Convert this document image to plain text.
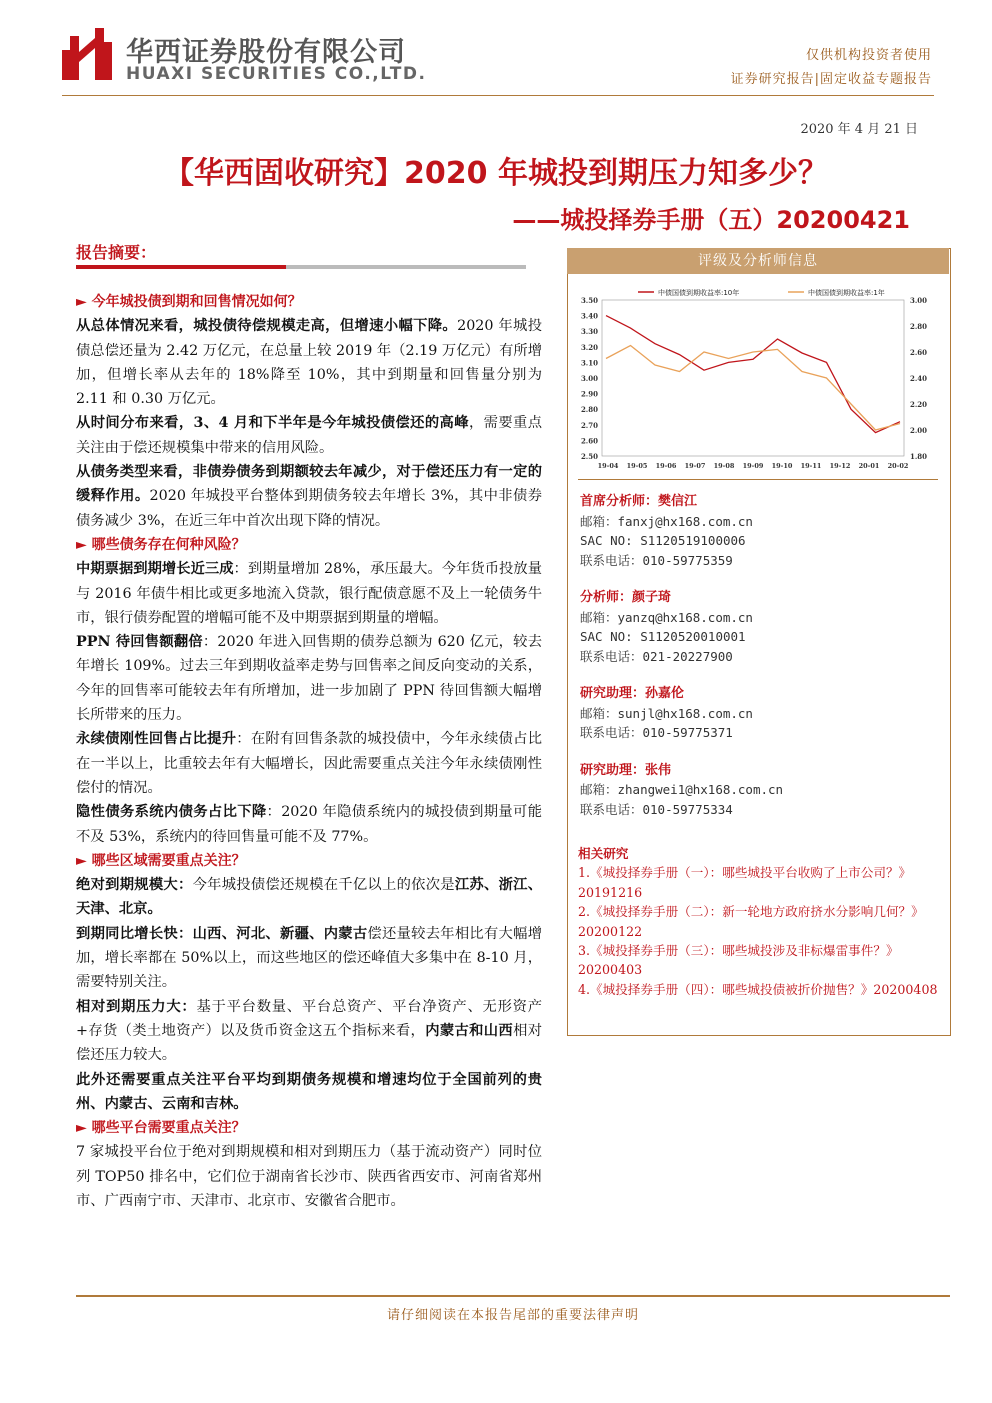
华西证券股份有限公司
HUAXI SECURITIES CO.,LTD.
仅供机构投资者使用
证券研究报告|固定收益专题报告
2020 年 4 月 21 日
【华西固收研究】2020 年城投到期压力知多少？
——城投择券手册（五）20200421
报告摘要：

► 今年城投债到期和回售情况如何？

从总体情况来看，城投债待偿规模走高，但增速小幅下降。2020 年城投债总偿还量为 2.42 万亿元，在总量上较 2019 年（2.19 万亿元）有所增加，但增长率从去年的 18%降至 10%，其中到期量和回售量分别为 2.11 和 0.30 万亿元。

从时间分布来看，3、4 月和下半年是今年城投债偿还的高峰，需要重点关注由于偿还规模集中带来的信用风险。

从债务类型来看，非债券债务到期额较去年减少，对于偿还压力有一定的缓释作用。2020 年城投平台整体到期债务较去年增长 3%，其中非债券债务减少 3%，在近三年中首次出现下降的情况。

► 哪些债务存在何种风险？

中期票据到期增长近三成：到期量增加 28%，承压最大。今年货币投放量与 2016 年债牛相比或更多地流入贷款，银行配债意愿不及上一轮债务牛市，银行债券配置的增幅可能不及中期票据到期量的增幅。

PPN 待回售额翻倍：2020 年进入回售期的债券总额为 620 亿元，较去年增长 109%。过去三年到期收益率走势与回售率之间反向变动的关系，今年的回售率可能较去年有所增加，进一步加剧了 PPN 待回售额大幅增长所带来的压力。

永续债刚性回售占比提升：在附有回售条款的城投债中，今年永续债占比在一半以上，比重较去年有大幅增长，因此需要重点关注今年永续债刚性偿付的情况。

隐性债务系统内债务占比下降：2020 年隐债系统内的城投债到期量可能不及 53%，系统内的待回售量可能不及 77%。

► 哪些区域需要重点关注？

绝对到期规模大：今年城投债偿还规模在千亿以上的依次是江苏、浙江、天津、北京。

到期同比增长快：山西、河北、新疆、内蒙古偿还量较去年相比有大幅增加，增长率都在 50%以上，而这些地区的偿还峰值大多集中在 8-10 月，需要特别关注。

相对到期压力大：基于平台数量、平台总资产、平台净资产、无形资产+存货（类土地资产）以及货币资金这五个指标来看，内蒙古和山西相对偿还压力较大。

此外还需要重点关注平台平均到期债务规模和增速均位于全国前列的贵州、内蒙古、云南和吉林。

► 哪些平台需要重点关注？

7 家城投平台位于绝对到期规模和相对到期压力（基于流动资产）同时位列 TOP50 排名中，它们位于湖南省长沙市、陕西省西安市、河南省郑州市、广西南宁市、天津市、北京市、安徽省合肥市。

评级及分析师信息
3.50
3.40
3.30
3.20
3.10
3.00
2.90
2.80
2.70
2.60
2.50
3.00
2.80
2.60
2.40
2.20
2.00
1.80
19-04 19-05 19-06 19-07 19-08 19-09 19-10 19-11 19-12 20-01 20-02
中债国债到期收益率:10年	中债国债到期收益率:1年
首席分析师：樊信江
邮箱：fanxj@hx168.com.cn
SAC NO: S1120519100006
联系电话：010-59775359
分析师：颜子琦
邮箱：yanzq@hx168.com.cn
SAC NO: S1120520010001
联系电话：021-20227900
研究助理：孙嘉伦
邮箱：sunjl@hx168.com.cn
联系电话：010-59775371
研究助理：张伟
邮箱：zhangwei1@hx168.com.cn
联系电话：010-59775334
相关研究
1.《城投择券手册（一）：哪些城投平台收购了上市公司？》20191216
2.《城投择券手册（二）：新一轮地方政府挤水分影响几何？》20200122
3.《城投择券手册（三）：哪些城投涉及非标爆雷事件？》20200403
4.《城投择券手册（四）：哪些城投债被折价抛售？》20200408
请仔细阅读在本报告尾部的重要法律声明
